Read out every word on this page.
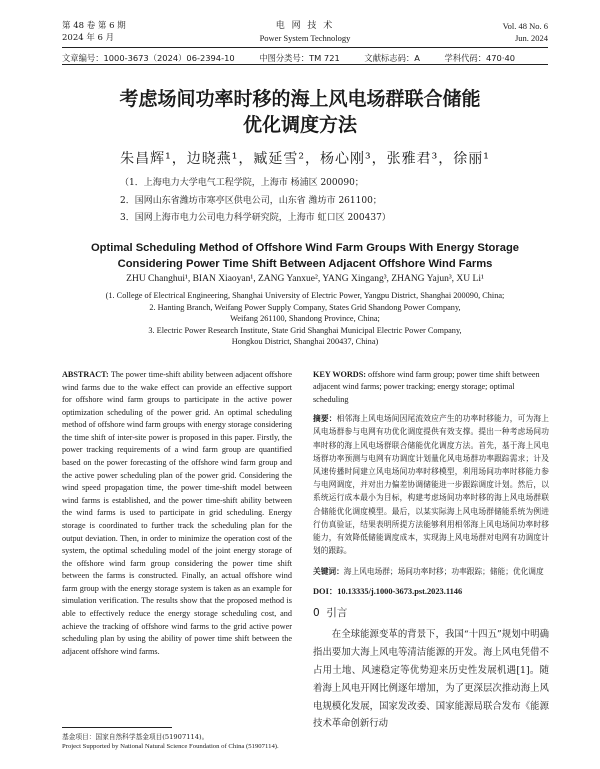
第 48 卷 第 6 期
2024 年 6 月
电 网 技 术
Power System Technology
Vol. 48 No. 6
Jun. 2024
文章编号：1000-3673（2024）06-2394-10	中图分类号：TM 721	文献标志码：A	学科代码：470·40
考虑场间功率时移的海上风电场群联合储能
优化调度方法
朱昌辉¹，边晓燕¹，臧延雪²，杨心刚³，张雅君³，徐丽¹
（1．上海电力大学电气工程学院，上海市 杨浦区 200090；
2．国网山东省潍坊市寒亭区供电公司，山东省 潍坊市 261100；
3．国网上海市电力公司电力科学研究院，上海市 虹口区 200437）
Optimal Scheduling Method of Offshore Wind Farm Groups With Energy Storage
Considering Power Time Shift Between Adjacent Offshore Wind Farms
ZHU Changhui¹, BIAN Xiaoyan¹, ZANG Yanxue², YANG Xingang³, ZHANG Yajun³, XU Li¹
(1. College of Electrical Engineering, Shanghai University of Electric Power, Yangpu District, Shanghai 200090, China;
2. Hanting Branch, Weifang Power Supply Company, States Grid Shandong Power Company,
Weifang 261100, Shandong Province, China;
3. Electric Power Research Institute, State Grid Shanghai Municipal Electric Power Company,
Hongkou District, Shanghai 200437, China)
ABSTRACT: The power time-shift ability between adjacent offshore wind farms due to the wake effect can provide an effective support for offshore wind farm groups to participate in the active power optimization scheduling of the power grid. An optimal scheduling method of offshore wind farm groups with energy storage considering the time shift of inter-site power is proposed in this paper. Firstly, the power tracking requirements of a wind farm group are quantified based on the power forecasting of the offshore wind farm group and the active power scheduling plan of the power grid. Considering the wind speed propagation time, the power time-shift model between wind farms is established, and the power time-shift ability between the wind farms is used to participate in grid scheduling. Energy storage is coordinated to further track the scheduling plan for the output deviation. Then, in order to minimize the operation cost of the system, the optimal scheduling model of the joint energy storage of the offshore wind farm group considering the power time shift between the farms is constructed. Finally, an actual offshore wind farm group with the energy storage system is taken as an example for simulation verification. The results show that the proposed method is able to effectively reduce the energy storage scheduling cost, and achieve the tracking of offshore wind farms to the grid active power scheduling plan by using the ability of power time shift between the adjacent offshore wind farms.
KEY WORDS: offshore wind farm group; power time shift between adjacent wind farms; power tracking; energy storage; optimal scheduling
摘要：相邻海上风电场间因尾流效应产生的功率时移能力，可为海上风电场群参与电网有功优化调度提供有效支撑。提出一种考虑场间功率时移的海上风电场群联合储能优化调度方法。首先，基于海上风电场群功率预测与电网有功调度计划量化风电场群功率跟踪需求；计及风速传播时间建立风电场间功率时移模型，利用场间功率时移能力参与电网调度，并对出力偏差协调储能进一步跟踪调度计划。然后，以系统运行成本最小为目标，构建考虑场间功率时移的海上风电场群联合储能优化调度模型。最后，以某实际海上风电场群储能系统为例进行仿真验证，结果表明所提方法能够利用相邻海上风电场间功率时移能力，有效降低储能调度成本，实现海上风电场群对电网有功调度计划的跟踪。
关键词：海上风电场群；场间功率时移；功率跟踪；储能；优化调度
DOI：10.13335/j.1000-3673.pst.2023.1146
0 引言
在全球能源变革的背景下，我国“十四五”规划中明确指出要加大海上风电等清洁能源的开发。海上风电凭借不占用土地、风速稳定等优势迎来历史性发展机遇[1]。随着海上风电开网比例逐年增加，为了更深层次推动海上风电规模化发展，国家发改委、国家能源局联合发布《能源技术革命创新行动
基金项目：国家自然科学基金项目(51907114)。
Project Supported by National Natural Science Foundation of China (51907114).
